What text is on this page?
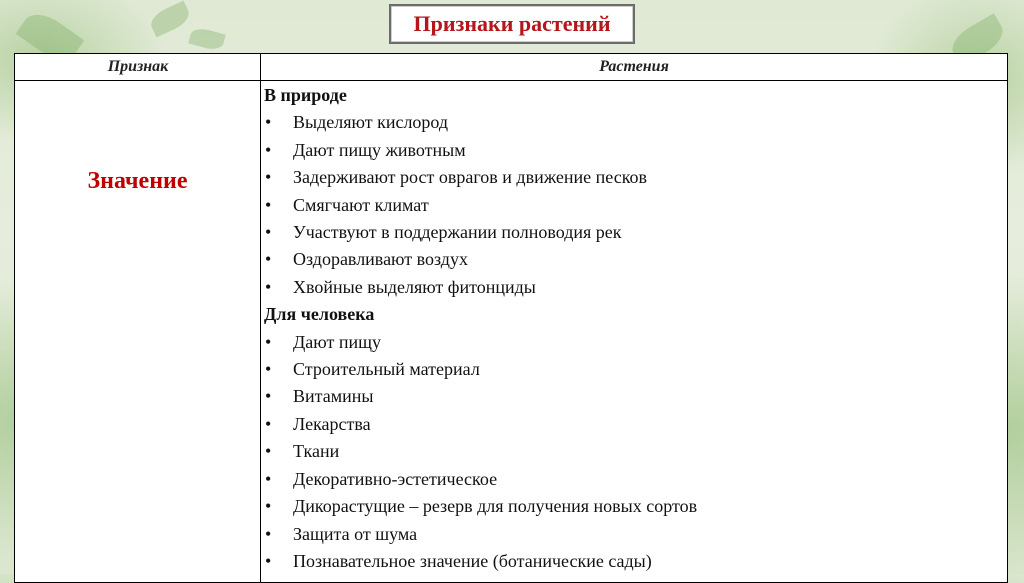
Признаки растений
Признак	Растения
Значение

В природе

• Выделяют кислород
• Дают пищу животным
• Задерживают рост оврагов и движение песков
• Смягчают климат
• Участвуют в поддержании полноводия рек
• Оздоравливают воздух
• Хвойные выделяют фитонциды

Для человека

• Дают пищу
• Строительный материал
• Витамины
• Лекарства
• Ткани
• Декоративно-эстетическое
• Дикорастущие – резерв для получения новых сортов
• Защита от шума
• Познавательное значение (ботанические сады)
